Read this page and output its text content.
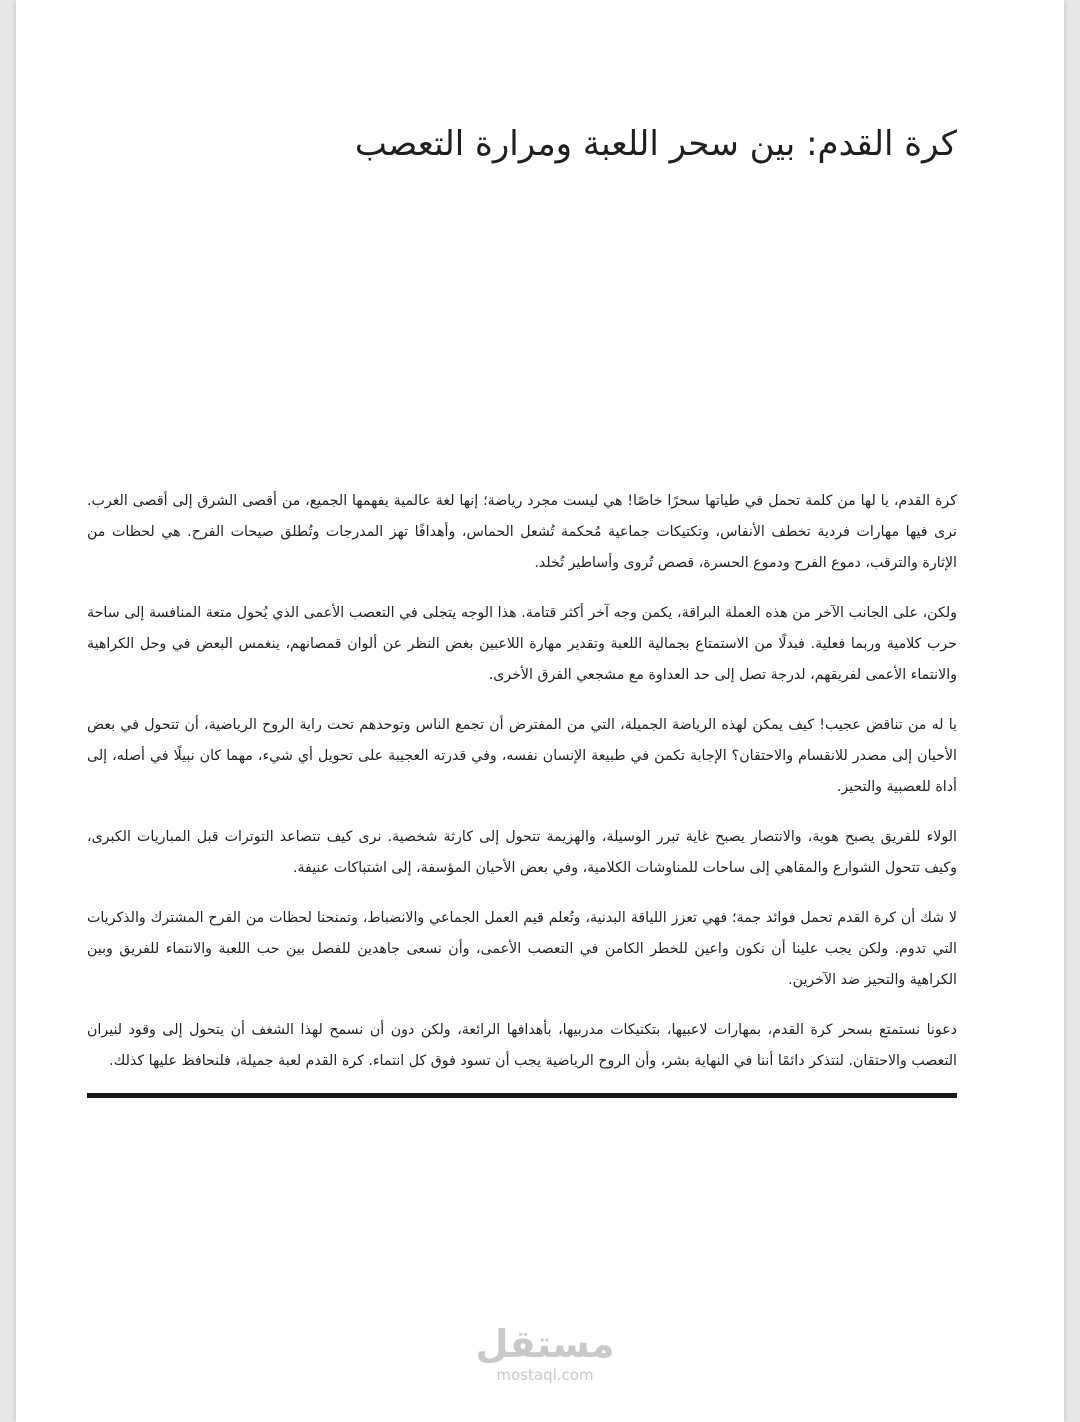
كرة القدم: بين سحر اللعبة ومرارة التعصب

كرة القدم، يا لها من كلمة تحمل في طياتها سحرًا خاصًا! هي ليست مجرد رياضة؛ إنها لغة عالمية يفهمها الجميع، من أقصى الشرق إلى أقصى الغرب. نرى فيها مهارات فردية تخطف الأنفاس، وتكتيكات جماعية مُحكمة تُشعل الحماس، وأهدافًا تهز المدرجات وتُطلق صيحات الفرح. هي لحظات من الإثارة والترقب، دموع الفرح ودموع الحسرة، قصص تُروى وأساطير تُخلد.

ولكن، على الجانب الآخر من هذه العملة البراقة، يكمن وجه آخر أكثر قتامة. هذا الوجه يتجلى في التعصب الأعمى الذي يُحول متعة المنافسة إلى ساحة حرب كلامية وربما فعلية. فبدلًا من الاستمتاع بجمالية اللعبة وتقدير مهارة اللاعبين بغض النظر عن ألوان قمصانهم، ينغمس البعض في وحل الكراهية والانتماء الأعمى لفريقهم، لدرجة تصل إلى حد العداوة مع مشجعي الفرق الأخرى.

يا له من تناقض عجيب! كيف يمكن لهذه الرياضة الجميلة، التي من المفترض أن تجمع الناس وتوحدهم تحت راية الروح الرياضية، أن تتحول في بعض الأحيان إلى مصدر للانقسام والاحتقان؟ الإجابة تكمن في طبيعة الإنسان نفسه، وفي قدرته العجيبة على تحويل أي شيء، مهما كان نبيلًا في أصله، إلى أداة للعصبية والتحيز.

الولاء للفريق يصبح هوية، والانتصار يصبح غاية تبرر الوسيلة، والهزيمة تتحول إلى كارثة شخصية. نرى كيف تتصاعد التوترات قبل المباريات الكبرى، وكيف تتحول الشوارع والمقاهي إلى ساحات للمناوشات الكلامية، وفي بعض الأحيان المؤسفة، إلى اشتباكات عنيفة.

لا شك أن كرة القدم تحمل فوائد جمة؛ فهي تعزز اللياقة البدنية، وتُعلم قيم العمل الجماعي والانضباط، وتمنحنا لحظات من الفرح المشترك والذكريات التي تدوم. ولكن يجب علينا أن نكون واعين للخطر الكامن في التعصب الأعمى، وأن نسعى جاهدين للفصل بين حب اللعبة والانتماء للفريق وبين الكراهية والتحيز ضد الآخرين.

دعونا نستمتع بسحر كرة القدم، بمهارات لاعبيها، بتكتيكات مدربيها، بأهدافها الرائعة، ولكن دون أن نسمح لهذا الشغف أن يتحول إلى وقود لنيران التعصب والاحتقان. لنتذكر دائمًا أننا في النهاية بشر، وأن الروح الرياضية يجب أن تسود فوق كل انتماء. كرة القدم لعبة جميلة، فلنحافظ عليها كذلك.

مستقل
mostaql.com
